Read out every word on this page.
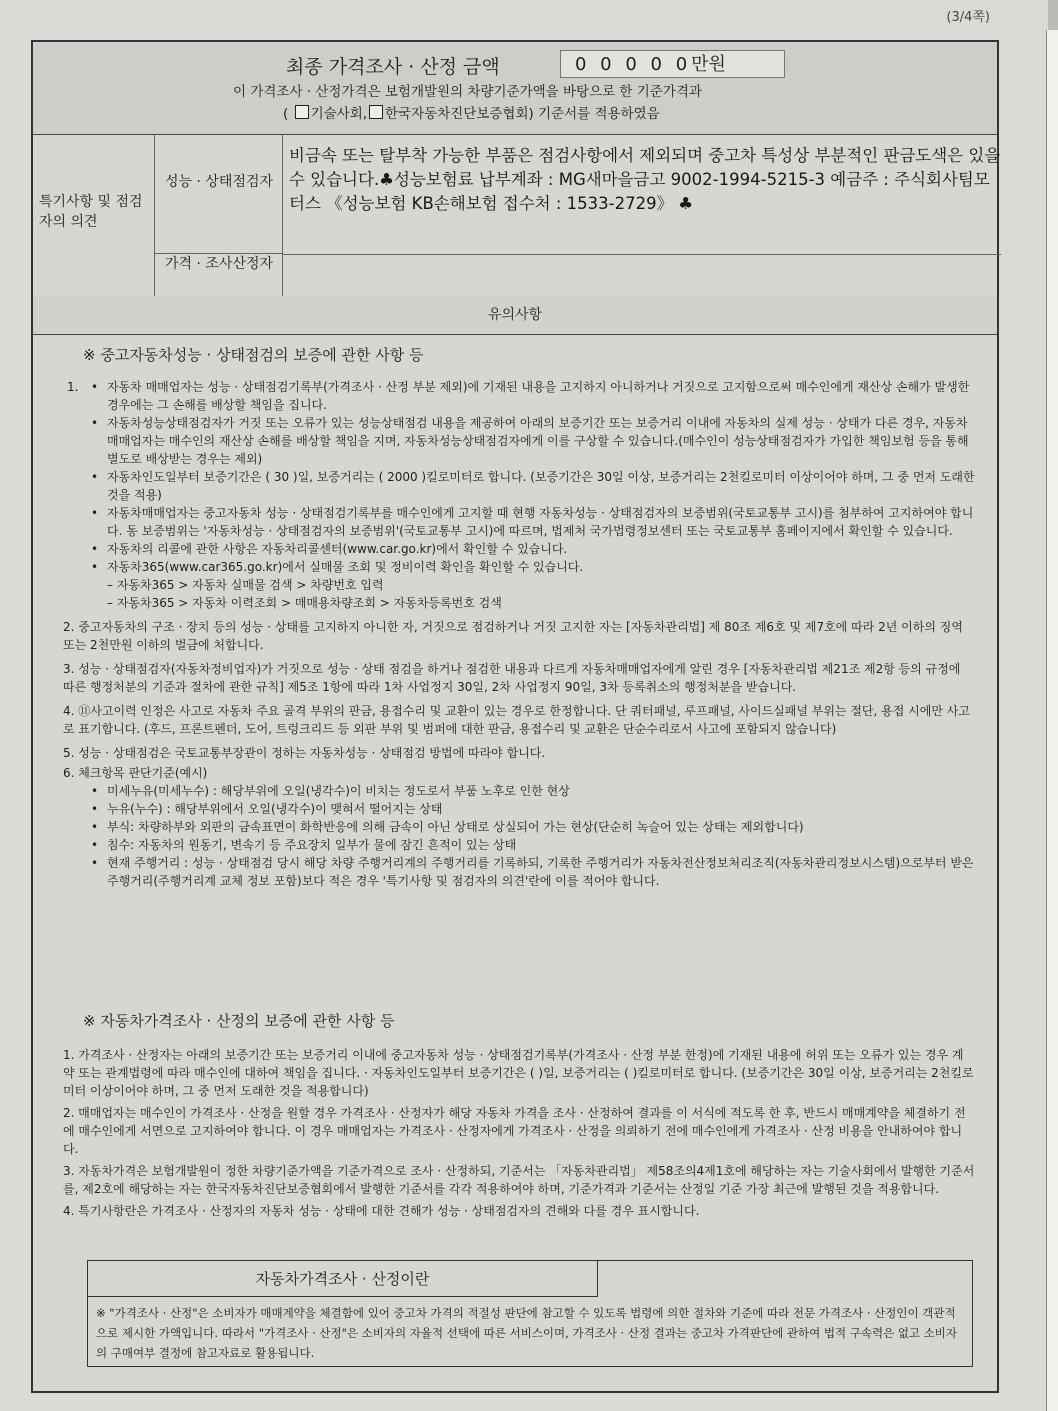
(3/4쪽)
최종 가격조사 · 산정 금액	0 0 0 0 0만원
이 가격조사 · 산정가격은 보험개발원의 차량기준가액을 바탕으로 한 기준가격과
( 기술사회, 한국자동차진단보증협회) 기준서를 적용하였음
특기사항 및 점검자의 의견
성능 · 상태점검자
가격 · 조사산정자
비금속 또는 탈부착 가능한 부품은 점검사항에서 제외되며 중고차 특성상 부분적인 판금도색은 있을 수 있습니다.♣성능보험료 납부계좌 : MG새마을금고 9002-1994-5215-3 예금주 : 주식회사팀모터스 《성능보험 KB손해보험 접수처 : 1533-2729》 ♣
유의사항
※ 중고자동차성능 · 상태점검의 보증에 관한 사항 등
1.
•	자동차 매매업자는 성능 · 상태점검기록부(가격조사 · 산정 부분 제외)에 기재된 내용을 고지하지 아니하거나 거짓으로 고지함으로써 매수인에게 재산상 손해가 발생한 경우에는 그 손해를 배상할 책임을 집니다.
• 자동차성능상태점검자가 거짓 또는 오류가 있는 성능상태점검 내용을 제공하여 아래의 보증기간 또는 보증거리 이내에 자동차의 실제 성능 · 상태가 다른 경우, 자동차매매업자는 매수인의 재산상 손해를 배상할 책임을 지며, 자동차성능상태점검자에게 이를 구상할 수 있습니다.(매수인이 성능상태점검자가 가입한 책임보험 등을 통해 별도로 배상받는 경우는 제외)
• 자동차인도일부터 보증기간은 ( 30 )일, 보증거리는 ( 2000 )킬로미터로 합니다. (보증기간은 30일 이상, 보증거리는 2천킬로미터 이상이어야 하며, 그 중 먼저 도래한 것을 적용)
• 자동차매매업자는 중고자동차 성능 · 상태점검기록부를 매수인에게 고지할 때 현행 자동차성능 · 상태점검자의 보증범위(국토교통부 고시)를 첨부하여 고지하여야 합니다. 동 보증범위는 '자동차성능 · 상태점검자의 보증범위'(국토교통부 고시)에 따르며, 법제처 국가법령정보센터 또는 국토교통부 홈페이지에서 확인할 수 있습니다.
• 자동차의 리콜에 관한 사항은 자동차리콜센터(www.car.go.kr)에서 확인할 수 있습니다.
• 자동차365(www.car365.go.kr)에서 실매물 조회 및 정비이력 확인을 확인할 수 있습니다.
– 자동차365 > 자동차 실매물 검색 > 차량번호 입력
– 자동차365 > 자동차 이력조회 > 매매용차량조회 > 자동차등록번호 검색
2. 중고자동차의 구조 · 장치 등의 성능 · 상태를 고지하지 아니한 자, 거짓으로 점검하거나 거짓 고지한 자는 [자동차관리법] 제 80조 제6호 및 제7호에 따라 2년 이하의 징역 또는 2천만원 이하의 벌금에 처합니다.
3. 성능 · 상태점검자(자동차정비업자)가 거짓으로 성능 · 상태 점검을 하거나 점검한 내용과 다르게 자동차매매업자에게 알린 경우 [자동차관리법 제21조 제2항 등의 규정에 따른 행정처분의 기준과 절차에 관한 규칙] 제5조 1항에 따라 1차 사업정지 30일, 2차 사업정지 90일, 3차 등록취소의 행정처분을 받습니다.
4. ⑪사고이력 인정은 사고로 자동차 주요 골격 부위의 판금, 용접수리 및 교환이 있는 경우로 한정합니다. 단 쿼터패널, 루프패널, 사이드실패널 부위는 절단, 용접 시에만 사고로 표기합니다. (후드, 프론트펜더, 도어, 트렁크리드 등 외판 부위 및 범퍼에 대한 판금, 용접수리 및 교환은 단순수리로서 사고에 포함되지 않습니다)
5. 성능 · 상태점검은 국토교통부장관이 정하는 자동차성능 · 상태점검 방법에 따라야 합니다.
6. 체크항목 판단기준(예시)
• 미세누유(미세누수) : 해당부위에 오일(냉각수)이 비치는 정도로서 부품 노후로 인한 현상
• 누유(누수) : 해당부위에서 오일(냉각수)이 맺혀서 떨어지는 상태
• 부식: 차량하부와 외판의 금속표면이 화학반응에 의해 금속이 아닌 상태로 상실되어 가는 현상(단순히 녹슬어 있는 상태는 제외합니다)
• 침수: 자동차의 원동기, 변속기 등 주요장치 일부가 물에 잠긴 흔적이 있는 상태
• 현재 주행거리 : 성능 · 상태점검 당시 해당 차량 주행거리계의 주행거리를 기록하되, 기록한 주행거리가 자동차전산정보처리조직(자동차관리정보시스템)으로부터 받은 주행거리(주행거리계 교체 정보 포함)보다 적은 경우 '특기사항 및 점검자의 의견'란에 이를 적어야 합니다.
※ 자동차가격조사 · 산정의 보증에 관한 사항 등
1. 가격조사 · 산정자는 아래의 보증기간 또는 보증거리 이내에 중고자동차 성능 · 상태점검기록부(가격조사 · 산정 부분 한정)에 기재된 내용에 허위 또는 오류가 있는 경우 계약 또는 관계법령에 따라 매수인에 대하여 책임을 집니다. · 자동차인도일부터 보증기간은 ( )일, 보증거리는 ( )킬로미터로 합니다. (보증기간은 30일 이상, 보증거리는 2천킬로미터 이상이어야 하며, 그 중 먼저 도래한 것을 적용합니다)
2. 매매업자는 매수인이 가격조사 · 산정을 원할 경우 가격조사 · 산정자가 해당 자동차 가격을 조사 · 산정하여 결과를 이 서식에 적도록 한 후, 반드시 매매계약을 체결하기 전에 매수인에게 서면으로 고지하여야 합니다. 이 경우 매매업자는 가격조사 · 산정자에게 가격조사 · 산정을 의뢰하기 전에 매수인에게 가격조사 · 산정 비용을 안내하여야 합니다.
3. 자동차가격은 보험개발원이 정한 차량기준가액을 기준가격으로 조사 · 산정하되, 기준서는 「자동차관리법」 제58조의4제1호에 해당하는 자는 기술사회에서 발행한 기준서를, 제2호에 해당하는 자는 한국자동차진단보증협회에서 발행한 기준서를 각각 적용하여야 하며, 기준가격과 기준서는 산정일 기준 가장 최근에 발행된 것을 적용합니다.
4. 특기사항란은 가격조사 · 산정자의 자동차 성능 · 상태에 대한 견해가 성능 · 상태점검자의 견해와 다를 경우 표시합니다.
자동차가격조사 · 산정이란
※ "가격조사 · 산정"은 소비자가 매매계약을 체결함에 있어 중고차 가격의 적절성 판단에 참고할 수 있도록 법령에 의한 절차와 기준에 따라 전문 가격조사 · 산정인이 객관적으로 제시한 가액입니다. 따라서 "가격조사 · 산정"은 소비자의 자율적 선택에 따른 서비스이며, 가격조사 · 산정 결과는 중고차 가격판단에 관하여 법적 구속력은 없고 소비자의 구매여부 결정에 참고자료로 활용됩니다.
